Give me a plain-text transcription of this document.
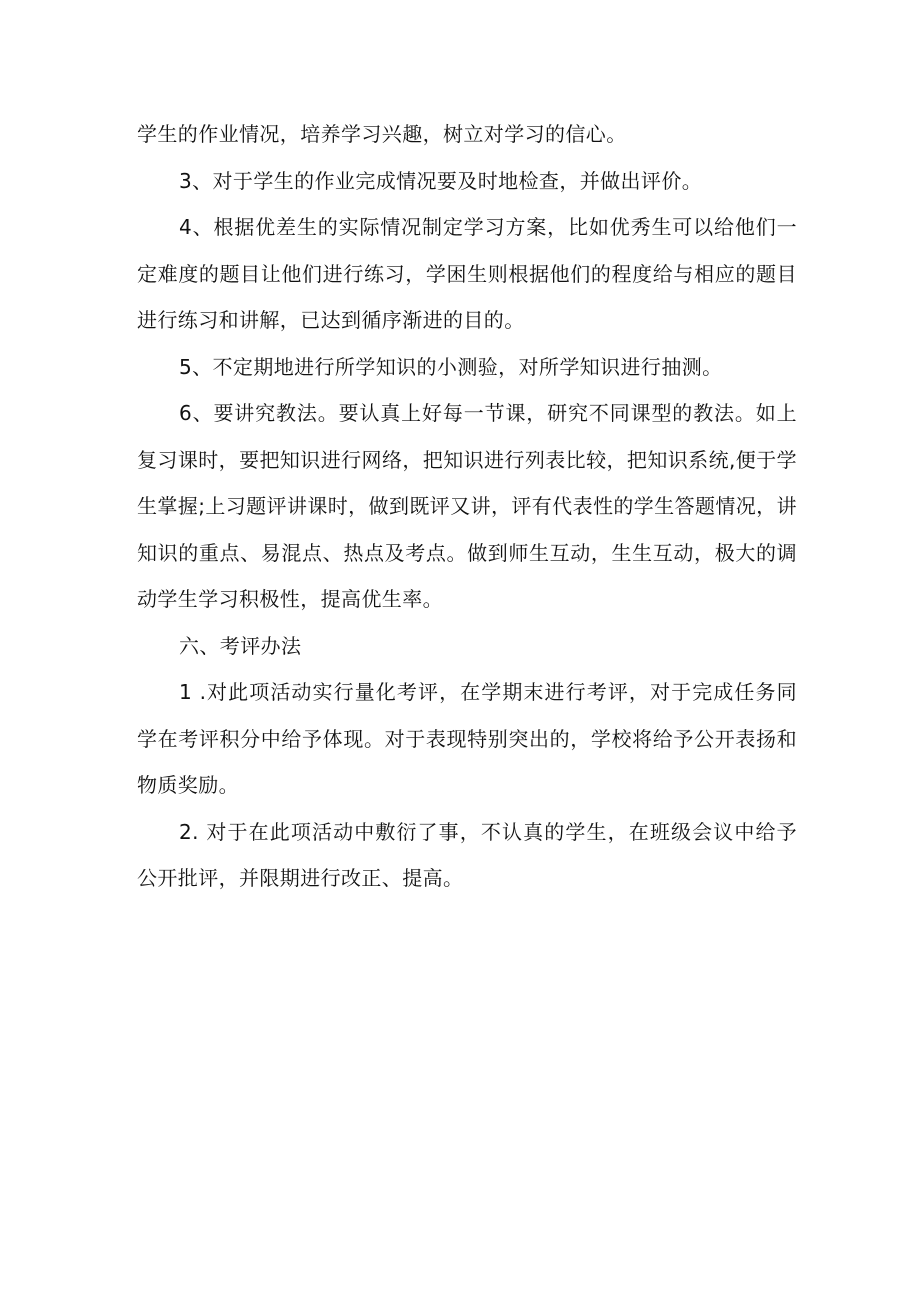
学生的作业情况，培养学习兴趣，树立对学习的信心。

3、对于学生的作业完成情况要及时地检查，并做出评价。

4、根据优差生的实际情况制定学习方案，比如优秀生可以给他们一定难度的题目让他们进行练习，学困生则根据他们的程度给与相应的题目进行练习和讲解，已达到循序渐进的目的。

5、不定期地进行所学知识的小测验，对所学知识进行抽测。

6、要讲究教法。要认真上好每一节课，研究不同课型的教法。如上复习课时，要把知识进行网络，把知识进行列表比较，把知识系统,便于学生掌握;上习题评讲课时，做到既评又讲，评有代表性的学生答题情况，讲知识的重点、易混点、热点及考点。做到师生互动，生生互动，极大的调动学生学习积极性，提高优生率。

六、考评办法

1 .对此项活动实行量化考评，在学期末进行考评，对于完成任务同学在考评积分中给予体现。对于表现特别突出的，学校将给予公开表扬和物质奖励。

2. 对于在此项活动中敷衍了事，不认真的学生，在班级会议中给予公开批评，并限期进行改正、提高。
